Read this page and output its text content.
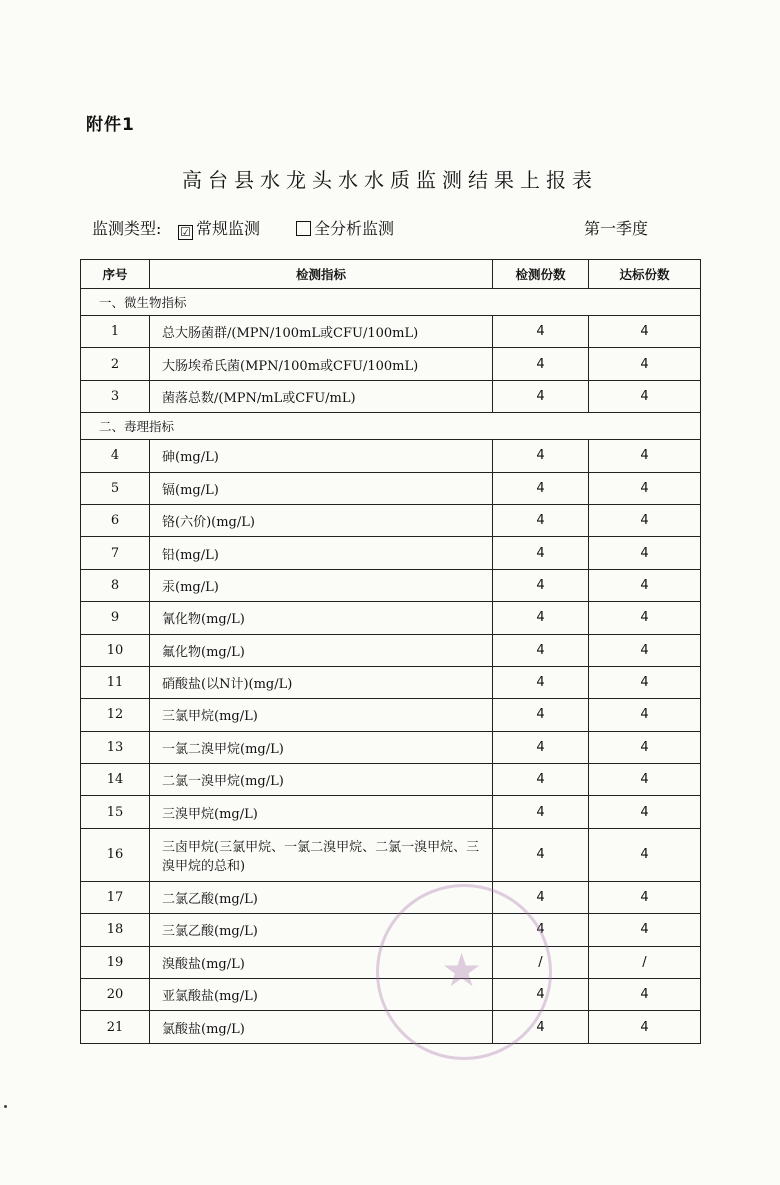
附件1
高台县水龙头水水质监测结果上报表
监测类型: ☑ 常规监测	全分析监测	第一季度
序号	检测指标	检测份数	达标份数
一、微生物指标			
1	总大肠菌群/(MPN/100mL或CFU/100mL)	4	4
2	大肠埃希氏菌(MPN/100m或CFU/100mL)	4	4
3	菌落总数/(MPN/mL或CFU/mL)	4	4
二、毒理指标			
4	砷(mg/L)	4	4
5	镉(mg/L)	4	4
6	铬(六价)(mg/L)	4	4
7	铅(mg/L)	4	4
8	汞(mg/L)	4	4
9	氰化物(mg/L)	4	4
10	氟化物(mg/L)	4	4
11	硝酸盐(以N计)(mg/L)	4	4
12	三氯甲烷(mg/L)	4	4
13	一氯二溴甲烷(mg/L)	4	4
14	二氯一溴甲烷(mg/L)	4	4
15	三溴甲烷(mg/L)	4	4
16	三卤甲烷(三氯甲烷、一氯二溴甲烷、二氯一溴甲烷、三溴甲烷的总和)	4	4
17	二氯乙酸(mg/L)	4	4
18	三氯乙酸(mg/L)	4	4
19	溴酸盐(mg/L)	/	/
20	亚氯酸盐(mg/L)	4	4
21	氯酸盐(mg/L)	4	4
★
